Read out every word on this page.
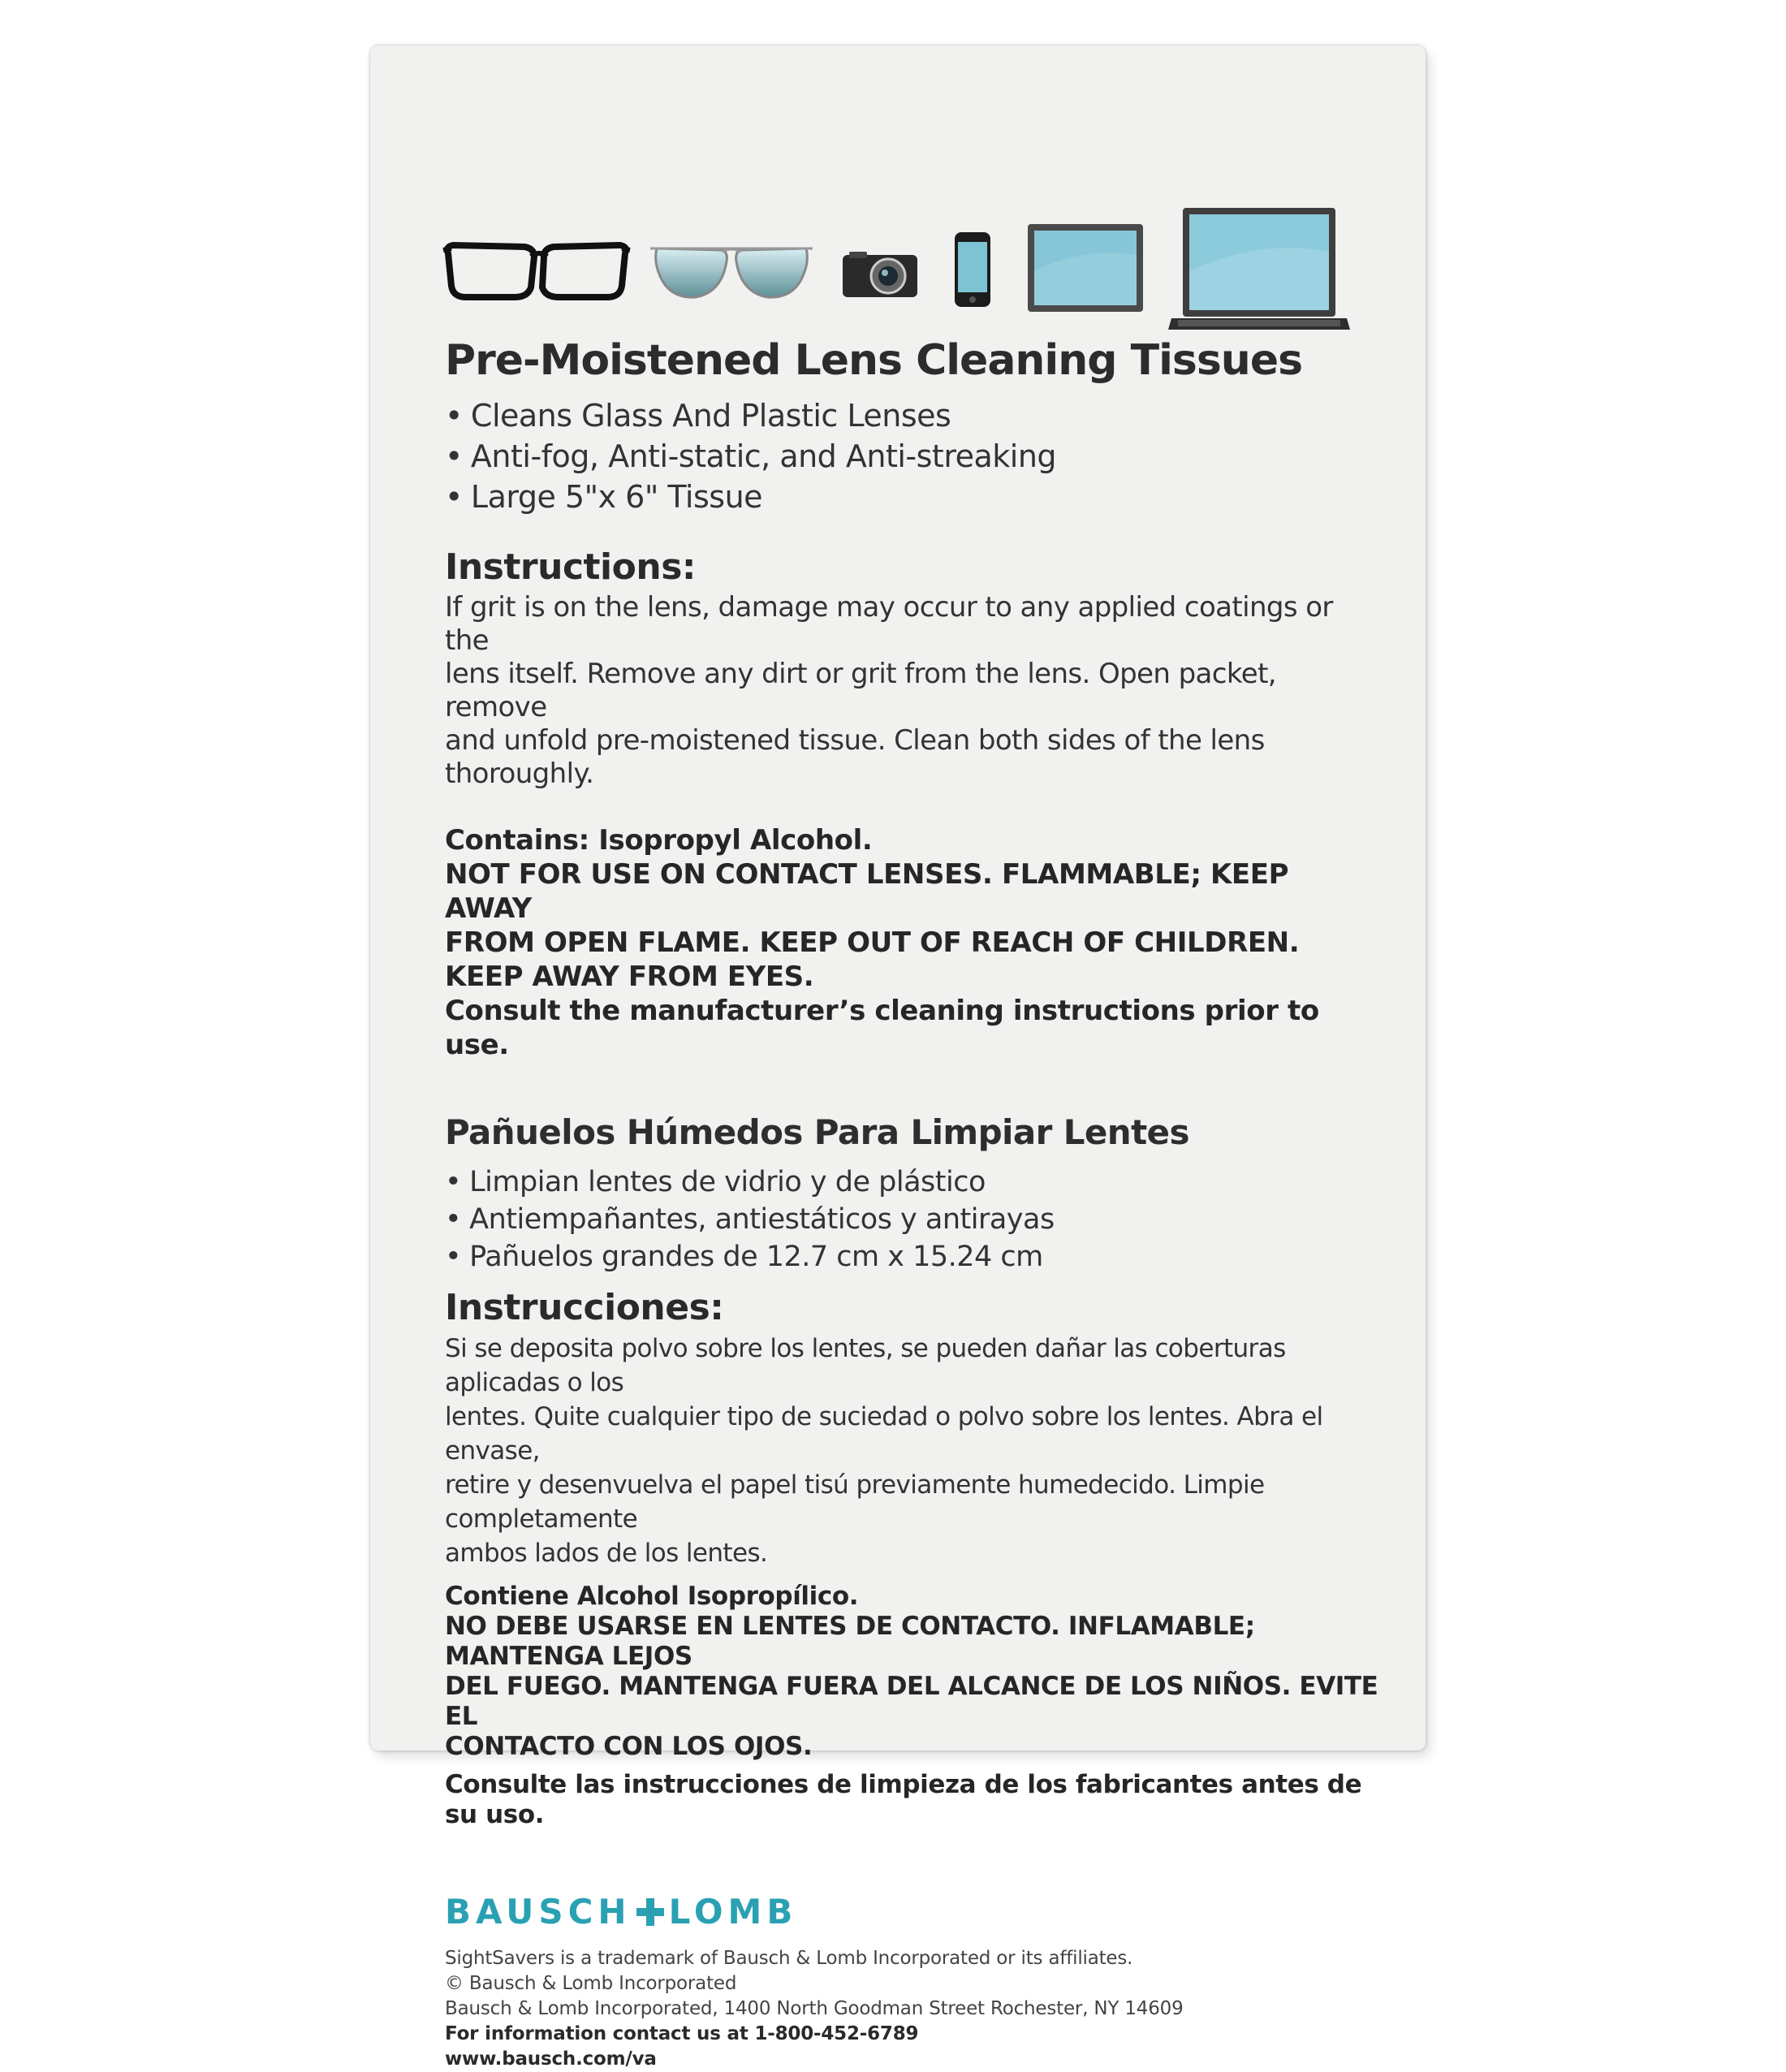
Pre-Moistened Lens Cleaning Tissues
• Cleans Glass And Plastic Lenses
• Anti-fog, Anti-static, and Anti-streaking
• Large 5"x 6" Tissue
Instructions:

If grit is on the lens, damage may occur to any applied coatings or the
lens itself. Remove any dirt or grit from the lens. Open packet, remove
and unfold pre-moistened tissue. Clean both sides of the lens thoroughly.

Contains: Isopropyl Alcohol.
NOT FOR USE ON CONTACT LENSES. FLAMMABLE; KEEP AWAY
FROM OPEN FLAME. KEEP OUT OF REACH OF CHILDREN.
KEEP AWAY FROM EYES.
Consult the manufacturer’s cleaning instructions prior to use.
Pañuelos Húmedos Para Limpiar Lentes
• Limpian lentes de vidrio y de plástico
• Antiempañantes, antiestáticos y antirayas
• Pañuelos grandes de 12.7 cm x 15.24 cm
Instrucciones:

Si se deposita polvo sobre los lentes, se pueden dañar las coberturas aplicadas o los
lentes. Quite cualquier tipo de suciedad o polvo sobre los lentes. Abra el envase,
retire y desenvuelva el papel tisú previamente humedecido. Limpie completamente
ambos lados de los lentes.

Contiene Alcohol Isopropílico.
NO DEBE USARSE EN LENTES DE CONTACTO. INFLAMABLE; MANTENGA LEJOS
DEL FUEGO. MANTENGA FUERA DEL ALCANCE DE LOS NIÑOS. EVITE EL
CONTACTO CON LOS OJOS.
Consulte las instrucciones de limpieza de los fabricantes antes de su uso.
BAUSCH LOMB
SightSavers is a trademark of Bausch & Lomb Incorporated or its affiliates.
© Bausch & Lomb Incorporated
Bausch & Lomb Incorporated, 1400 North Goodman Street Rochester, NY 14609
For information contact us at 1-800-452-6789
www.bausch.com/va
